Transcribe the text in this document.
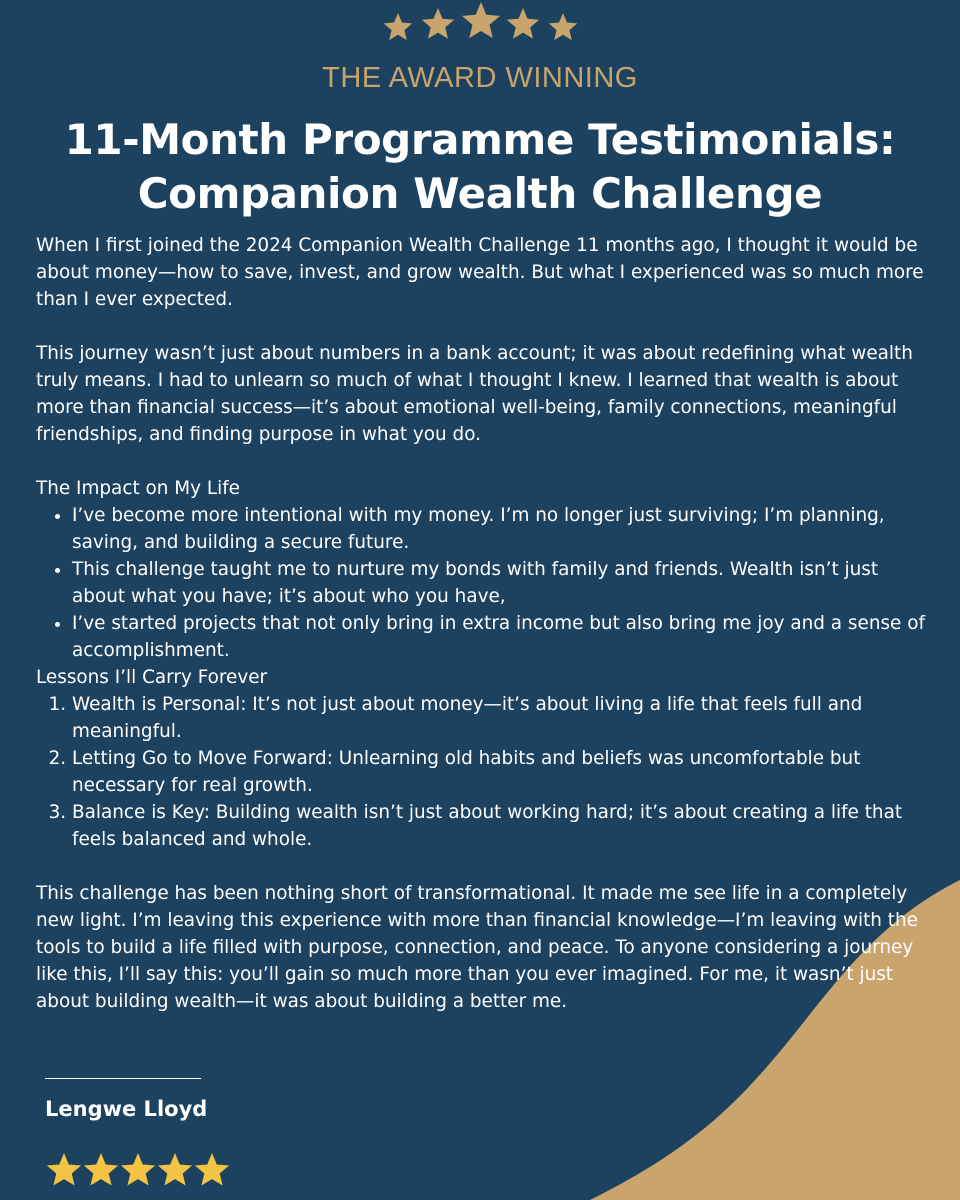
THE AWARD WINNING
11-Month Programme Testimonials:
Companion Wealth Challenge

When I first joined the 2024 Companion Wealth Challenge 11 months ago, I thought it would be about money—how to save, invest, and grow wealth. But what I experienced was so much more than I ever expected.

This journey wasn’t just about numbers in a bank account; it was about redefining what wealth truly means. I had to unlearn so much of what I thought I knew. I learned that wealth is about more than financial success—it’s about emotional well-being, family connections, meaningful friendships, and finding purpose in what you do.

The Impact on My Life
• I’ve become more intentional with my money. I’m no longer just surviving; I’m planning, saving, and building a secure future.
• This challenge taught me to nurture my bonds with family and friends. Wealth isn’t just about what you have; it’s about who you have,
• I’ve started projects that not only bring in extra income but also bring me joy and a sense of accomplishment.
Lessons I’ll Carry Forever
1. Wealth is Personal: It’s not just about money—it’s about living a life that feels full and meaningful.
2. Letting Go to Move Forward: Unlearning old habits and beliefs was uncomfortable but necessary for real growth.
3. Balance is Key: Building wealth isn’t just about working hard; it’s about creating a life that feels balanced and whole.

This challenge has been nothing short of transformational. It made me see life in a completely new light. I’m leaving this experience with more than financial knowledge—I’m leaving with the tools to build a life filled with purpose, connection, and peace. To anyone considering a journey like this, I’ll say this: you’ll gain so much more than you ever imagined. For me, it wasn’t just about building wealth—it was about building a better me.

Lengwe Lloyd
